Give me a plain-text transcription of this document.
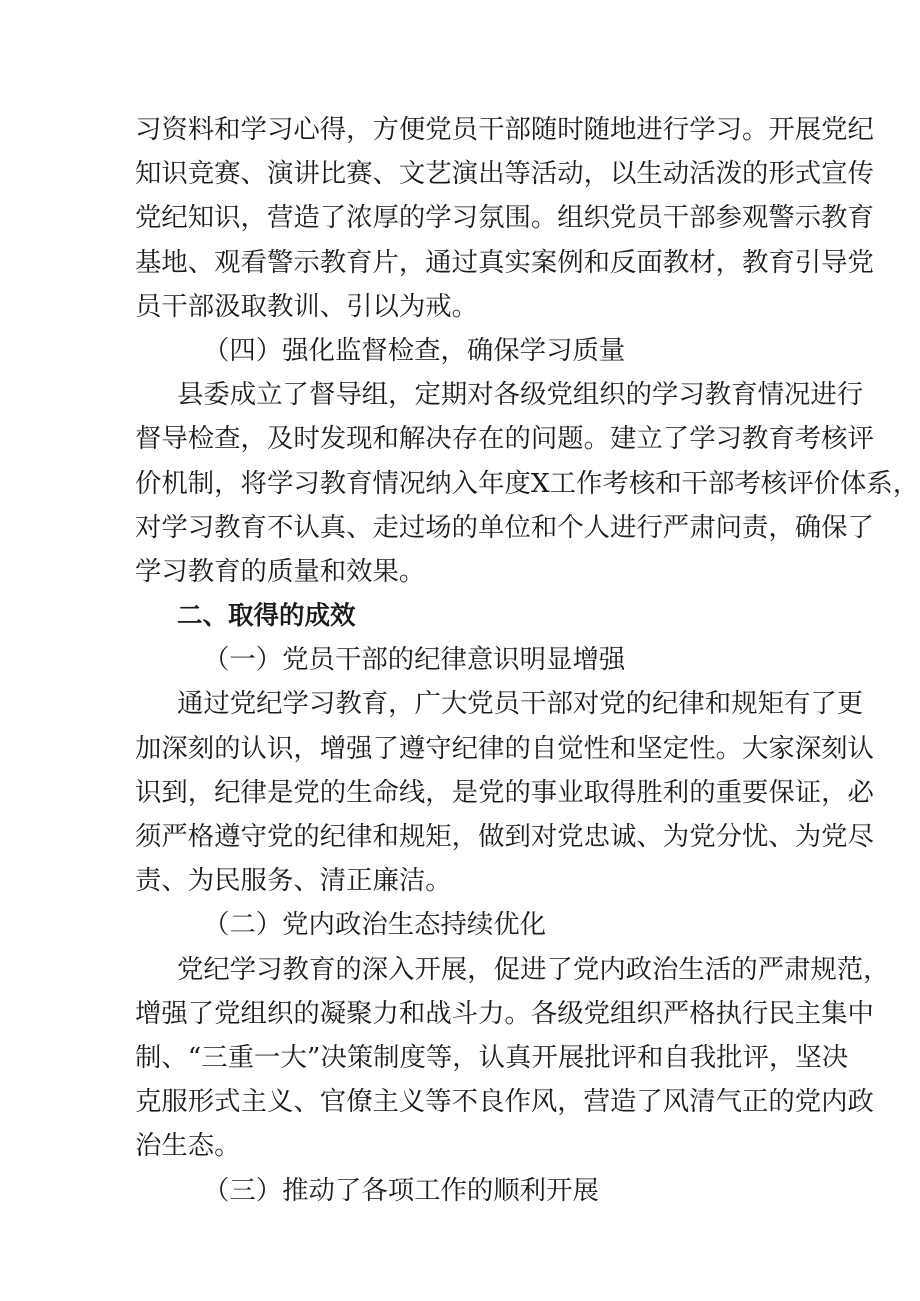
习资料和学习心得，方便党员干部随时随地进行学习。开展党纪
知识竞赛、演讲比赛、文艺演出等活动，以生动活泼的形式宣传
党纪知识，营造了浓厚的学习氛围。组织党员干部参观警示教育
基地、观看警示教育片，通过真实案例和反面教材，教育引导党
员干部汲取教训、引以为戒。
（四）强化监督检查，确保学习质量
县委成立了督导组，定期对各级党组织的学习教育情况进行
督导检查，及时发现和解决存在的问题。建立了学习教育考核评
价机制，将学习教育情况纳入年度X工作考核和干部考核评价体系，
对学习教育不认真、走过场的单位和个人进行严肃问责，确保了
学习教育的质量和效果。
二、取得的成效
（一）党员干部的纪律意识明显增强
通过党纪学习教育，广大党员干部对党的纪律和规矩有了更
加深刻的认识，增强了遵守纪律的自觉性和坚定性。大家深刻认
识到，纪律是党的生命线，是党的事业取得胜利的重要保证，必
须严格遵守党的纪律和规矩，做到对党忠诚、为党分忧、为党尽
责、为民服务、清正廉洁。
（二）党内政治生态持续优化
党纪学习教育的深入开展，促进了党内政治生活的严肃规范，
增强了党组织的凝聚力和战斗力。各级党组织严格执行民主集中
制、“三重一大”决策制度等，认真开展批评和自我批评，坚决
克服形式主义、官僚主义等不良作风，营造了风清气正的党内政
治生态。
（三）推动了各项工作的顺利开展
